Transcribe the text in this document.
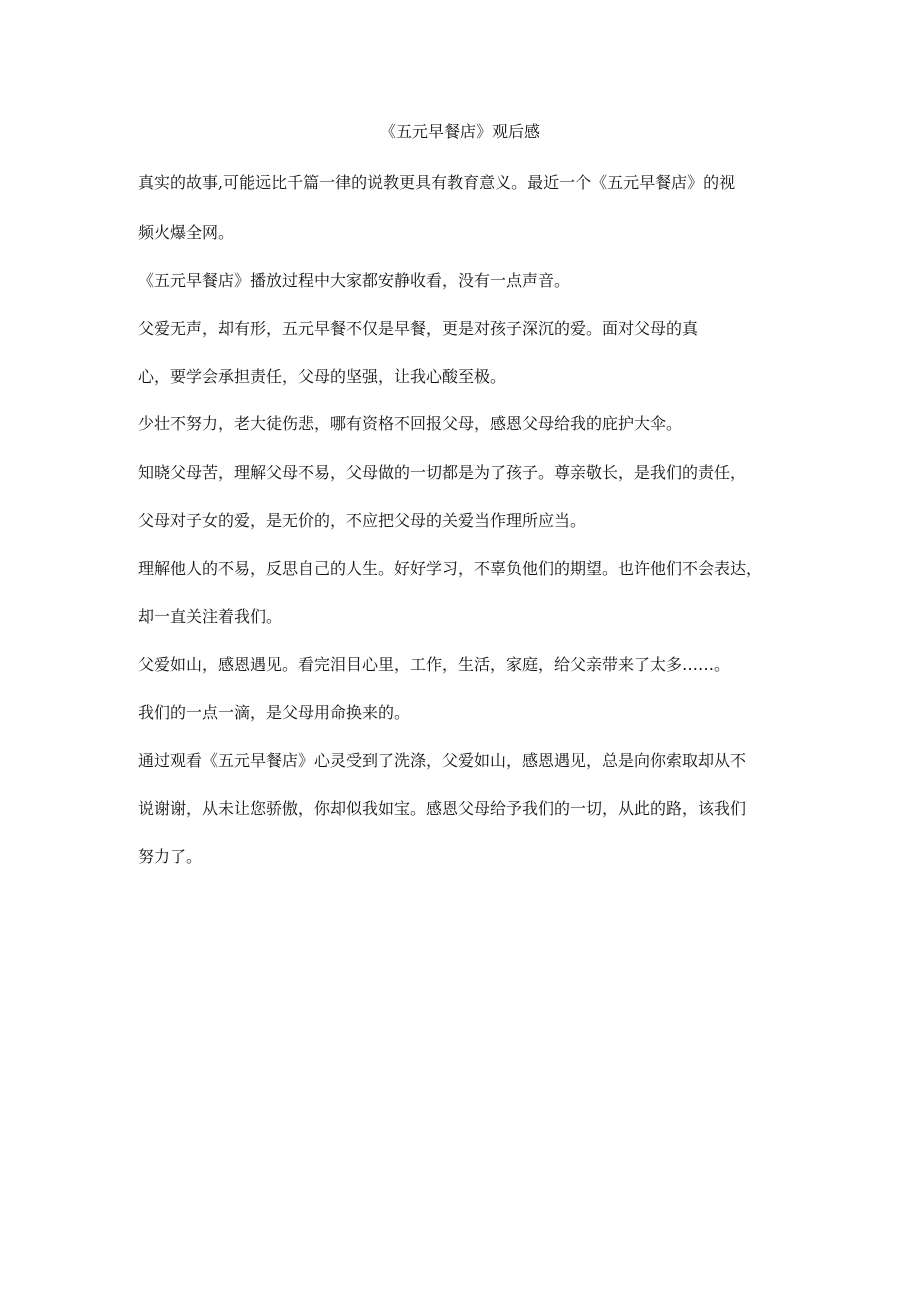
《五元早餐店》观后感
真实的故事,可能远比千篇一律的说教更具有教育意义。最近一个《五元早餐店》的视
频火爆全网。
《五元早餐店》播放过程中大家都安静收看，没有一点声音。
父爱无声，却有形，五元早餐不仅是早餐，更是对孩子深沉的爱。面对父母的真
心，要学会承担责任，父母的坚强，让我心酸至极。
少壮不努力，老大徒伤悲，哪有资格不回报父母，感恩父母给我的庇护大伞。
知晓父母苦，理解父母不易，父母做的一切都是为了孩子。尊亲敬长，是我们的责任，
父母对子女的爱，是无价的，不应把父母的关爱当作理所应当。
理解他人的不易，反思自己的人生。好好学习，不辜负他们的期望。也许他们不会表达，
却一直关注着我们。
父爱如山，感恩遇见。看完泪目心里，工作，生活，家庭，给父亲带来了太多……。
我们的一点一滴，是父母用命换来的。
通过观看《五元早餐店》心灵受到了洗涤，父爱如山，感恩遇见，总是向你索取却从不
说谢谢，从未让您骄傲，你却似我如宝。感恩父母给予我们的一切，从此的路，该我们
努力了。
